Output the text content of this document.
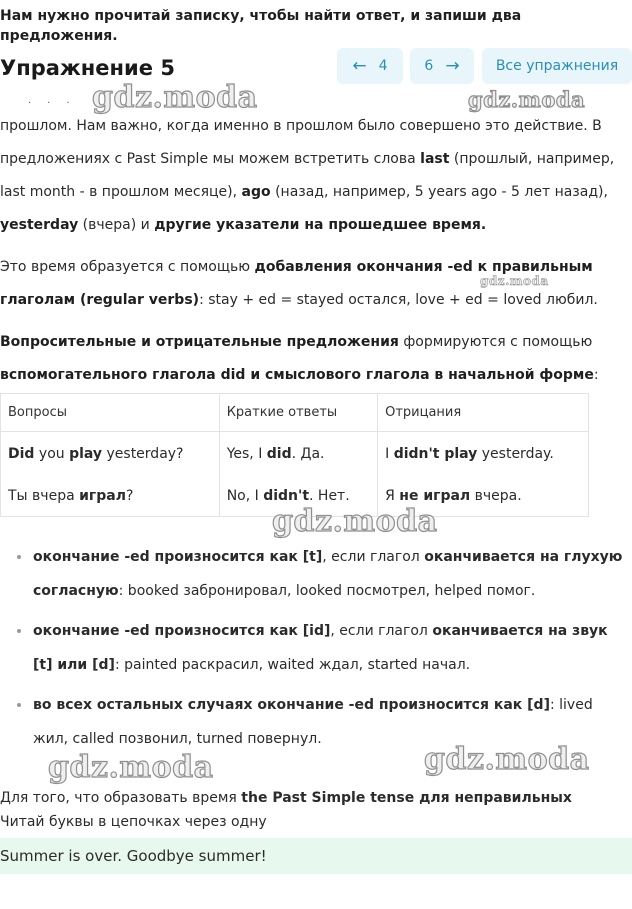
Нам нужно прочитай записку, чтобы найти ответ, и запиши два предложения.
Упражнение 5	← 4	6 →	Все упражнения
···
прошлом. Нам важно, когда именно в прошлом было совершено это действие. В предложениях с Past Simple мы можем встретить слова last (прошлый, например, last month - в прошлом месяце), ago (назад, например, 5 years ago - 5 лет назад), yesterday (вчера) и другие указатели на прошедшее время.
Это время образуется с помощью добавления окончания -ed к правильным глаголам (regular verbs): stay + ed = stayed остался, love + ed = loved любил.
Вопросительные и отрицательные предложения формируются с помощью вспомогательного глагола did и смыслового глагола в начальной форме:
Вопросы	Краткие ответы	Отрицания
Did you play yesterday?	Yes, I did. Да.	I didn't play yesterday.
Ты вчера играл?	No, I didn't. Нет.	Я не играл вчера.
окончание -ed произносится как [t], если глагол оканчивается на глухую согласную: booked забронировал, looked посмотрел, helped помог.
окончание -ed произносится как [id], если глагол оканчивается на звук [t] или [d]: painted раскрасил, waited ждал, started начал.
во всех остальных случаях окончание -ed произносится как [d]: lived жил, called позвонил, turned повернул.
Для того, что образовать время the Past Simple tense для неправильных
Читай буквы в цепочках через одну
Summer is over. Goodbye summer!
gdz.moda	gdz.moda
gdz.moda
gdz.moda
gdz.moda	gdz.moda
